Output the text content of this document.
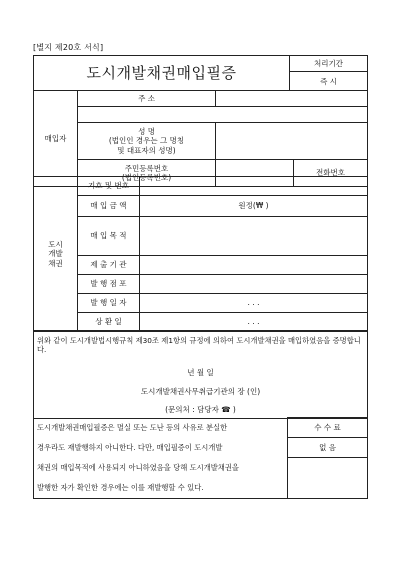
[별지 제20호 서식]
도시개발채권매입필증	처리기간
즉 시
매입자	주 소		

	성 명
(법인인 경우는 그 명칭
및 대표자의 성명)		

	주민등록번호
(법인등록번호)		전화번호
도시
개발
채권	기호 및 번호	
	매 입 금 액	원정(₩ )
	매 입 목 적	
	제 출 기 관	
	발 행 점 포	
	발 행 일 자	. . .
	상 환 일	. . .
위와 같이 도시개발법시행규칙 제30조 제1항의 규정에 의하여 도시개발채권을 매입하였음을 증명합니다.
년 월 일
도시개발채권사무취급기관의 장 (인)
(문의처 : 담당자 ☎ )
도시개발채권매입필증은 멸실 또는 도난 등의 사유로 분실한	수 수 료
경우라도 재발행하지 아니한다. 다만, 매입필증이 도시개발	없 음
채권의 매입목적에 사용되지 아니하였음을 당해 도시개발채권을	
발행한 자가 확인한 경우에는 이를 재발행할 수 있다.	
